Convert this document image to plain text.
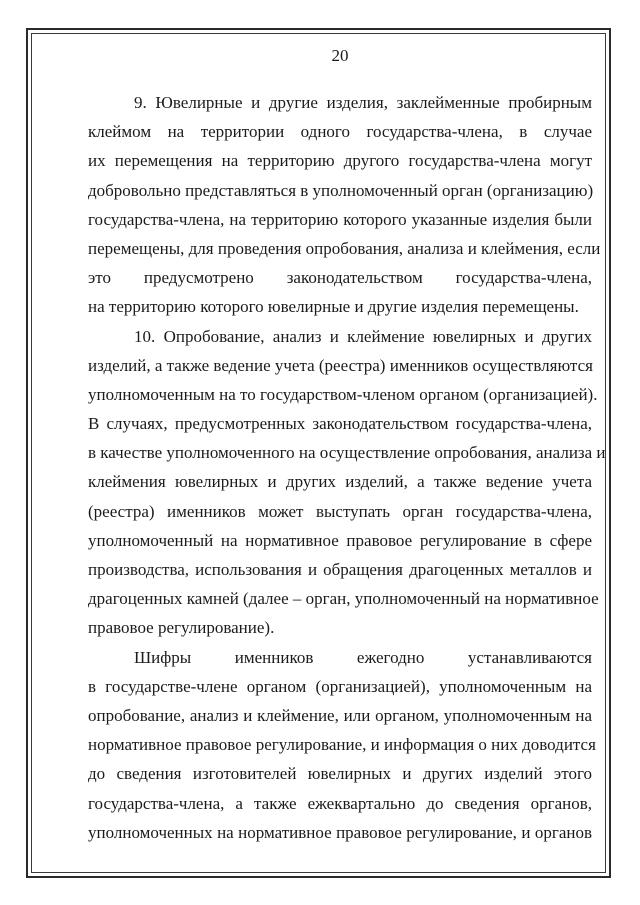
20
9. Ювелирные и другие изделия, заклейменные пробирным
клеймом на территории одного государства-члена, в случае
их перемещения на территорию другого государства-члена могут
добровольно представляться в уполномоченный орган (организацию)
государства-члена, на территорию которого указанные изделия были
перемещены, для проведения опробования, анализа и клеймения, если
это предусмотрено законодательством государства-члена,
на территорию которого ювелирные и другие изделия перемещены.
10. Опробование, анализ и клеймение ювелирных и других
изделий, а также ведение учета (реестра) именников осуществляются
уполномоченным на то государством-членом органом (организацией).
В случаях, предусмотренных законодательством государства-члена,
в качестве уполномоченного на осуществление опробования, анализа и
клеймения ювелирных и других изделий, а также ведение учета
(реестра) именников может выступать орган государства-члена,
уполномоченный на нормативное правовое регулирование в сфере
производства, использования и обращения драгоценных металлов и
драгоценных камней (далее – орган, уполномоченный на нормативное
правовое регулирование).
Шифры именников ежегодно устанавливаются
в государстве-члене органом (организацией), уполномоченным на
опробование, анализ и клеймение, или органом, уполномоченным на
нормативное правовое регулирование, и информация о них доводится
до сведения изготовителей ювелирных и других изделий этого
государства-члена, а также ежеквартально до сведения органов,
уполномоченных на нормативное правовое регулирование, и органов
